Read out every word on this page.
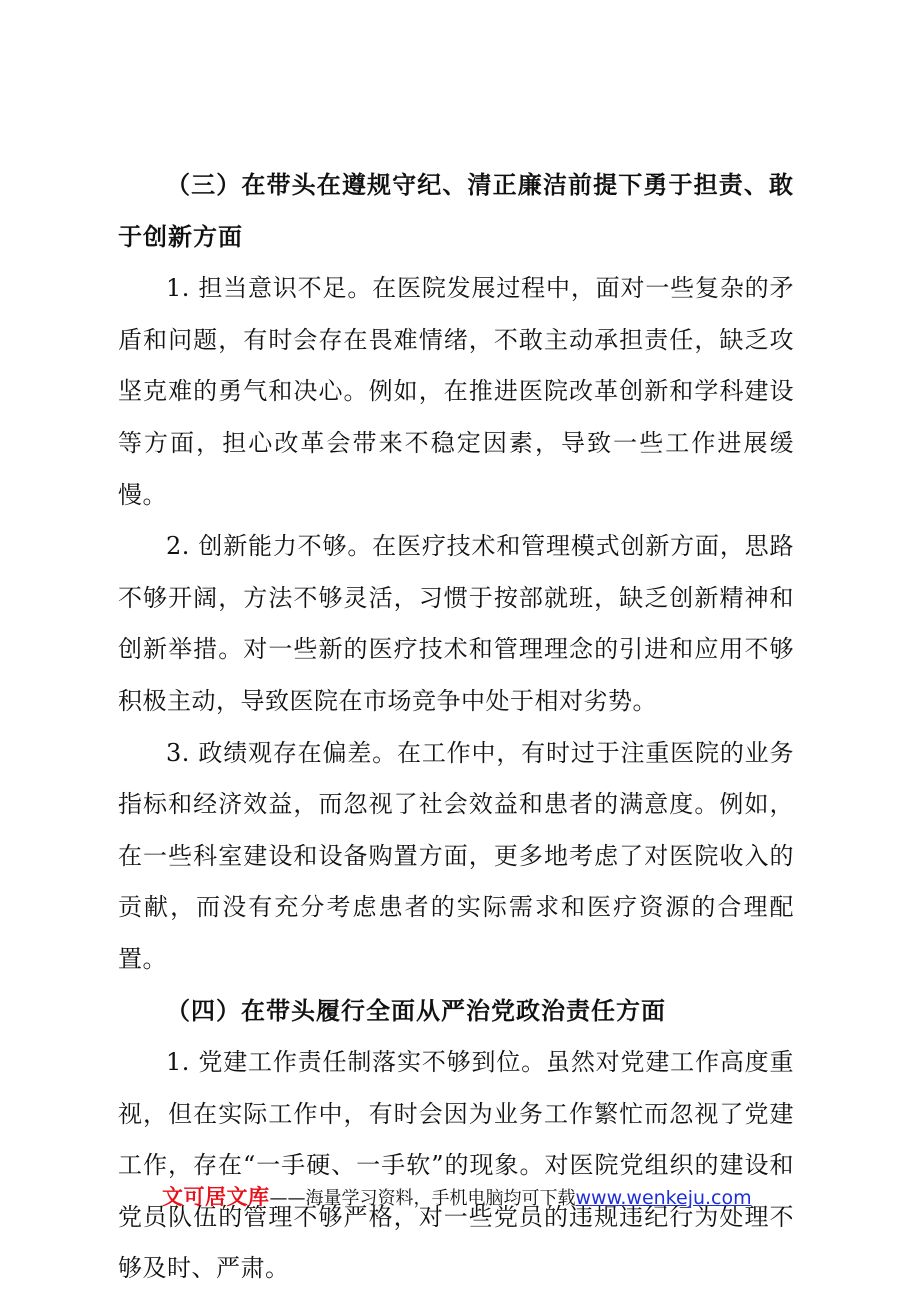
（三）在带头在遵规守纪、清正廉洁前提下勇于担责、敢于创新方面

1. 担当意识不足。在医院发展过程中，面对一些复杂的矛盾和问题，有时会存在畏难情绪，不敢主动承担责任，缺乏攻坚克难的勇气和决心。例如，在推进医院改革创新和学科建设等方面，担心改革会带来不稳定因素，导致一些工作进展缓慢。

2. 创新能力不够。在医疗技术和管理模式创新方面，思路不够开阔，方法不够灵活，习惯于按部就班，缺乏创新精神和创新举措。对一些新的医疗技术和管理理念的引进和应用不够积极主动，导致医院在市场竞争中处于相对劣势。

3. 政绩观存在偏差。在工作中，有时过于注重医院的业务指标和经济效益，而忽视了社会效益和患者的满意度。例如，在一些科室建设和设备购置方面，更多地考虑了对医院收入的贡献，而没有充分考虑患者的实际需求和医疗资源的合理配置。

（四）在带头履行全面从严治党政治责任方面

1. 党建工作责任制落实不够到位。虽然对党建工作高度重视，但在实际工作中，有时会因为业务工作繁忙而忽视了党建工作，存在“一手硬、一手软”的现象。对医院党组织的建设和党员队伍的管理不够严格，对一些党员的违规违纪行为处理不够及时、严肃。

文可居文库——海量学习资料，手机电脑均可下载www.wenkeju.com
